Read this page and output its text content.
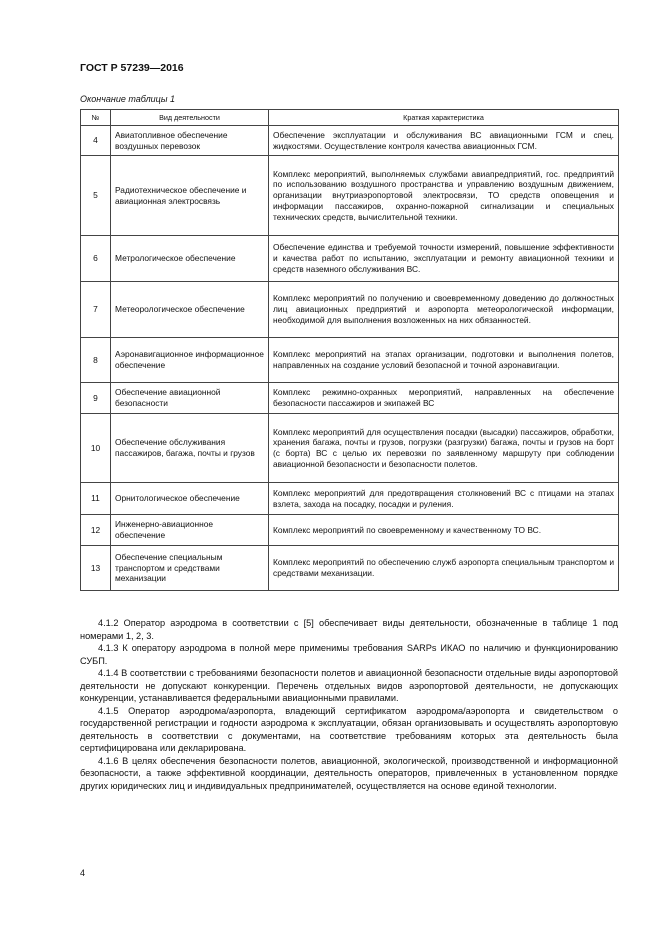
ГОСТ Р 57239—2016
Окончание таблицы 1
№	Вид деятельности	Краткая характеристика
4	Авиатопливное обеспечение воздушных перевозок	Обеспечение эксплуатации и обслуживания ВС авиационными ГСМ и спец. жидкостями. Осуществление контроля качества авиационных ГСМ.
5	Радиотехническое обеспечение и авиационная электросвязь	Комплекс мероприятий, выполняемых службами авиапредприятий, гос. предприятий по использованию воздушного пространства и управлению воздушным движением, организации внутриаэропортовой электросвязи, ТО средств оповещения и информации пассажиров, охранно-пожарной сигнализации и специальных технических средств, вычислительной техники.
6	Метрологическое обеспечение	Обеспечение единства и требуемой точности измерений, повышение эффективности и качества работ по испытанию, эксплуатации и ремонту авиационной техники и средств наземного обслуживания ВС.
7	Метеорологическое обеспечение	Комплекс мероприятий по получению и своевременному доведению до должностных лиц авиационных предприятий и аэропорта метеорологической информации, необходимой для выполнения возложенных на них обязанностей.
8	Аэронавигационное информационное обеспечение	Комплекс мероприятий на этапах организации, подготовки и выполнения полетов, направленных на создание условий безопасной и точной аэронавигации.
9	Обеспечение авиационной безопасности	Комплекс режимно-охранных мероприятий, направленных на обеспечение безопасности пассажиров и экипажей ВС
10	Обеспечение обслуживания пассажиров, багажа, почты и грузов	Комплекс мероприятий для осуществления посадки (высадки) пассажиров, обработки, хранения багажа, почты и грузов, погрузки (разгрузки) багажа, почты и грузов на борт (с борта) ВС с целью их перевозки по заявленному маршруту при соблюдении авиационной безопасности и безопасности полетов.
11	Орнитологическое обеспечение	Комплекс мероприятий для предотвращения столкновений ВС с птицами на этапах взлета, захода на посадку, посадки и руления.
12	Инженерно-авиационное обеспечение	Комплекс мероприятий по своевременному и качественному ТО ВС.
13	Обеспечение специальным транспортом и средствами механизации	Комплекс мероприятий по обеспечению служб аэропорта специальным транспортом и средствами механизации.

4.1.2 Оператор аэродрома в соответствии с [5] обеспечивает виды деятельности, обозначенные в таблице 1 под номерами 1, 2, 3.

4.1.3 К оператору аэродрома в полной мере применимы требования SARPs ИКАО по наличию и функционированию СУБП.

4.1.4 В соответствии с требованиями безопасности полетов и авиационной безопасности отдельные виды аэропортовой деятельности не допускают конкуренции. Перечень отдельных видов аэропортовой деятельности, не допускающих конкуренции, устанавливается федеральными авиационными правилами.

4.1.5 Оператор аэродрома/аэропорта, владеющий сертификатом аэродрома/аэропорта и свидетельством о государственной регистрации и годности аэродрома к эксплуатации, обязан организовывать и осуществлять аэропортовую деятельность в соответствии с документами, на соответствие требованиям которых эта деятельность была сертифицирована или декларирована.

4.1.6 В целях обеспечения безопасности полетов, авиационной, экологической, производственной и информационной безопасности, а также эффективной координации, деятельность операторов, привлеченных в установленном порядке других юридических лиц и индивидуальных предпринимателей, осуществляется на основе единой технологии.

4
